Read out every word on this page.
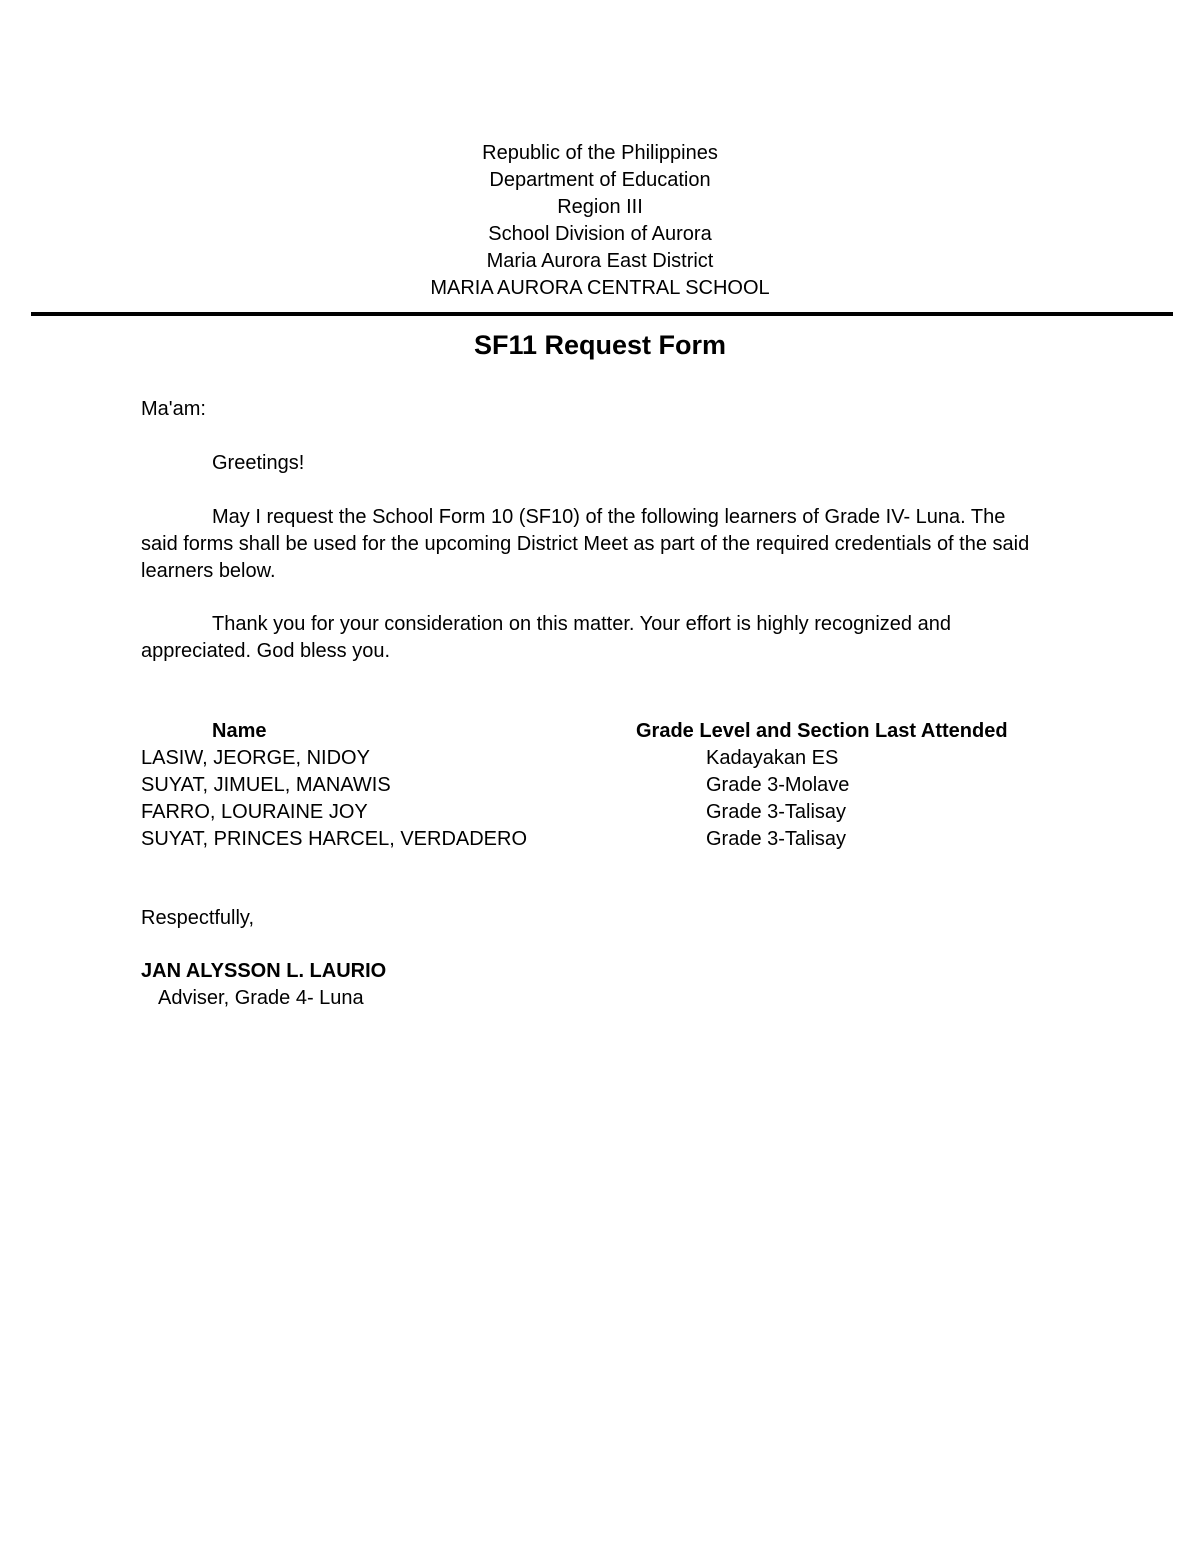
Republic of the Philippines
Department of Education
Region III
School Division of Aurora
Maria Aurora East District
MARIA AURORA CENTRAL SCHOOL
SF11 Request Form
Ma'am:
Greetings!
May I request the School Form 10 (SF10) of the following learners of Grade IV- Luna. The said forms shall be used for the upcoming District Meet as part of the required credentials of the said learners below.
Thank you for your consideration on this matter. Your effort is highly recognized and appreciated. God bless you.
Name	Grade Level and Section Last Attended
LASIW, JEORGE, NIDOY	Kadayakan ES
SUYAT, JIMUEL, MANAWIS	Grade 3-Molave
FARRO, LOURAINE JOY	Grade 3-Talisay
SUYAT, PRINCES HARCEL, VERDADERO	Grade 3-Talisay
Respectfully,
JAN ALYSSON L. LAURIO
Adviser, Grade 4- Luna
